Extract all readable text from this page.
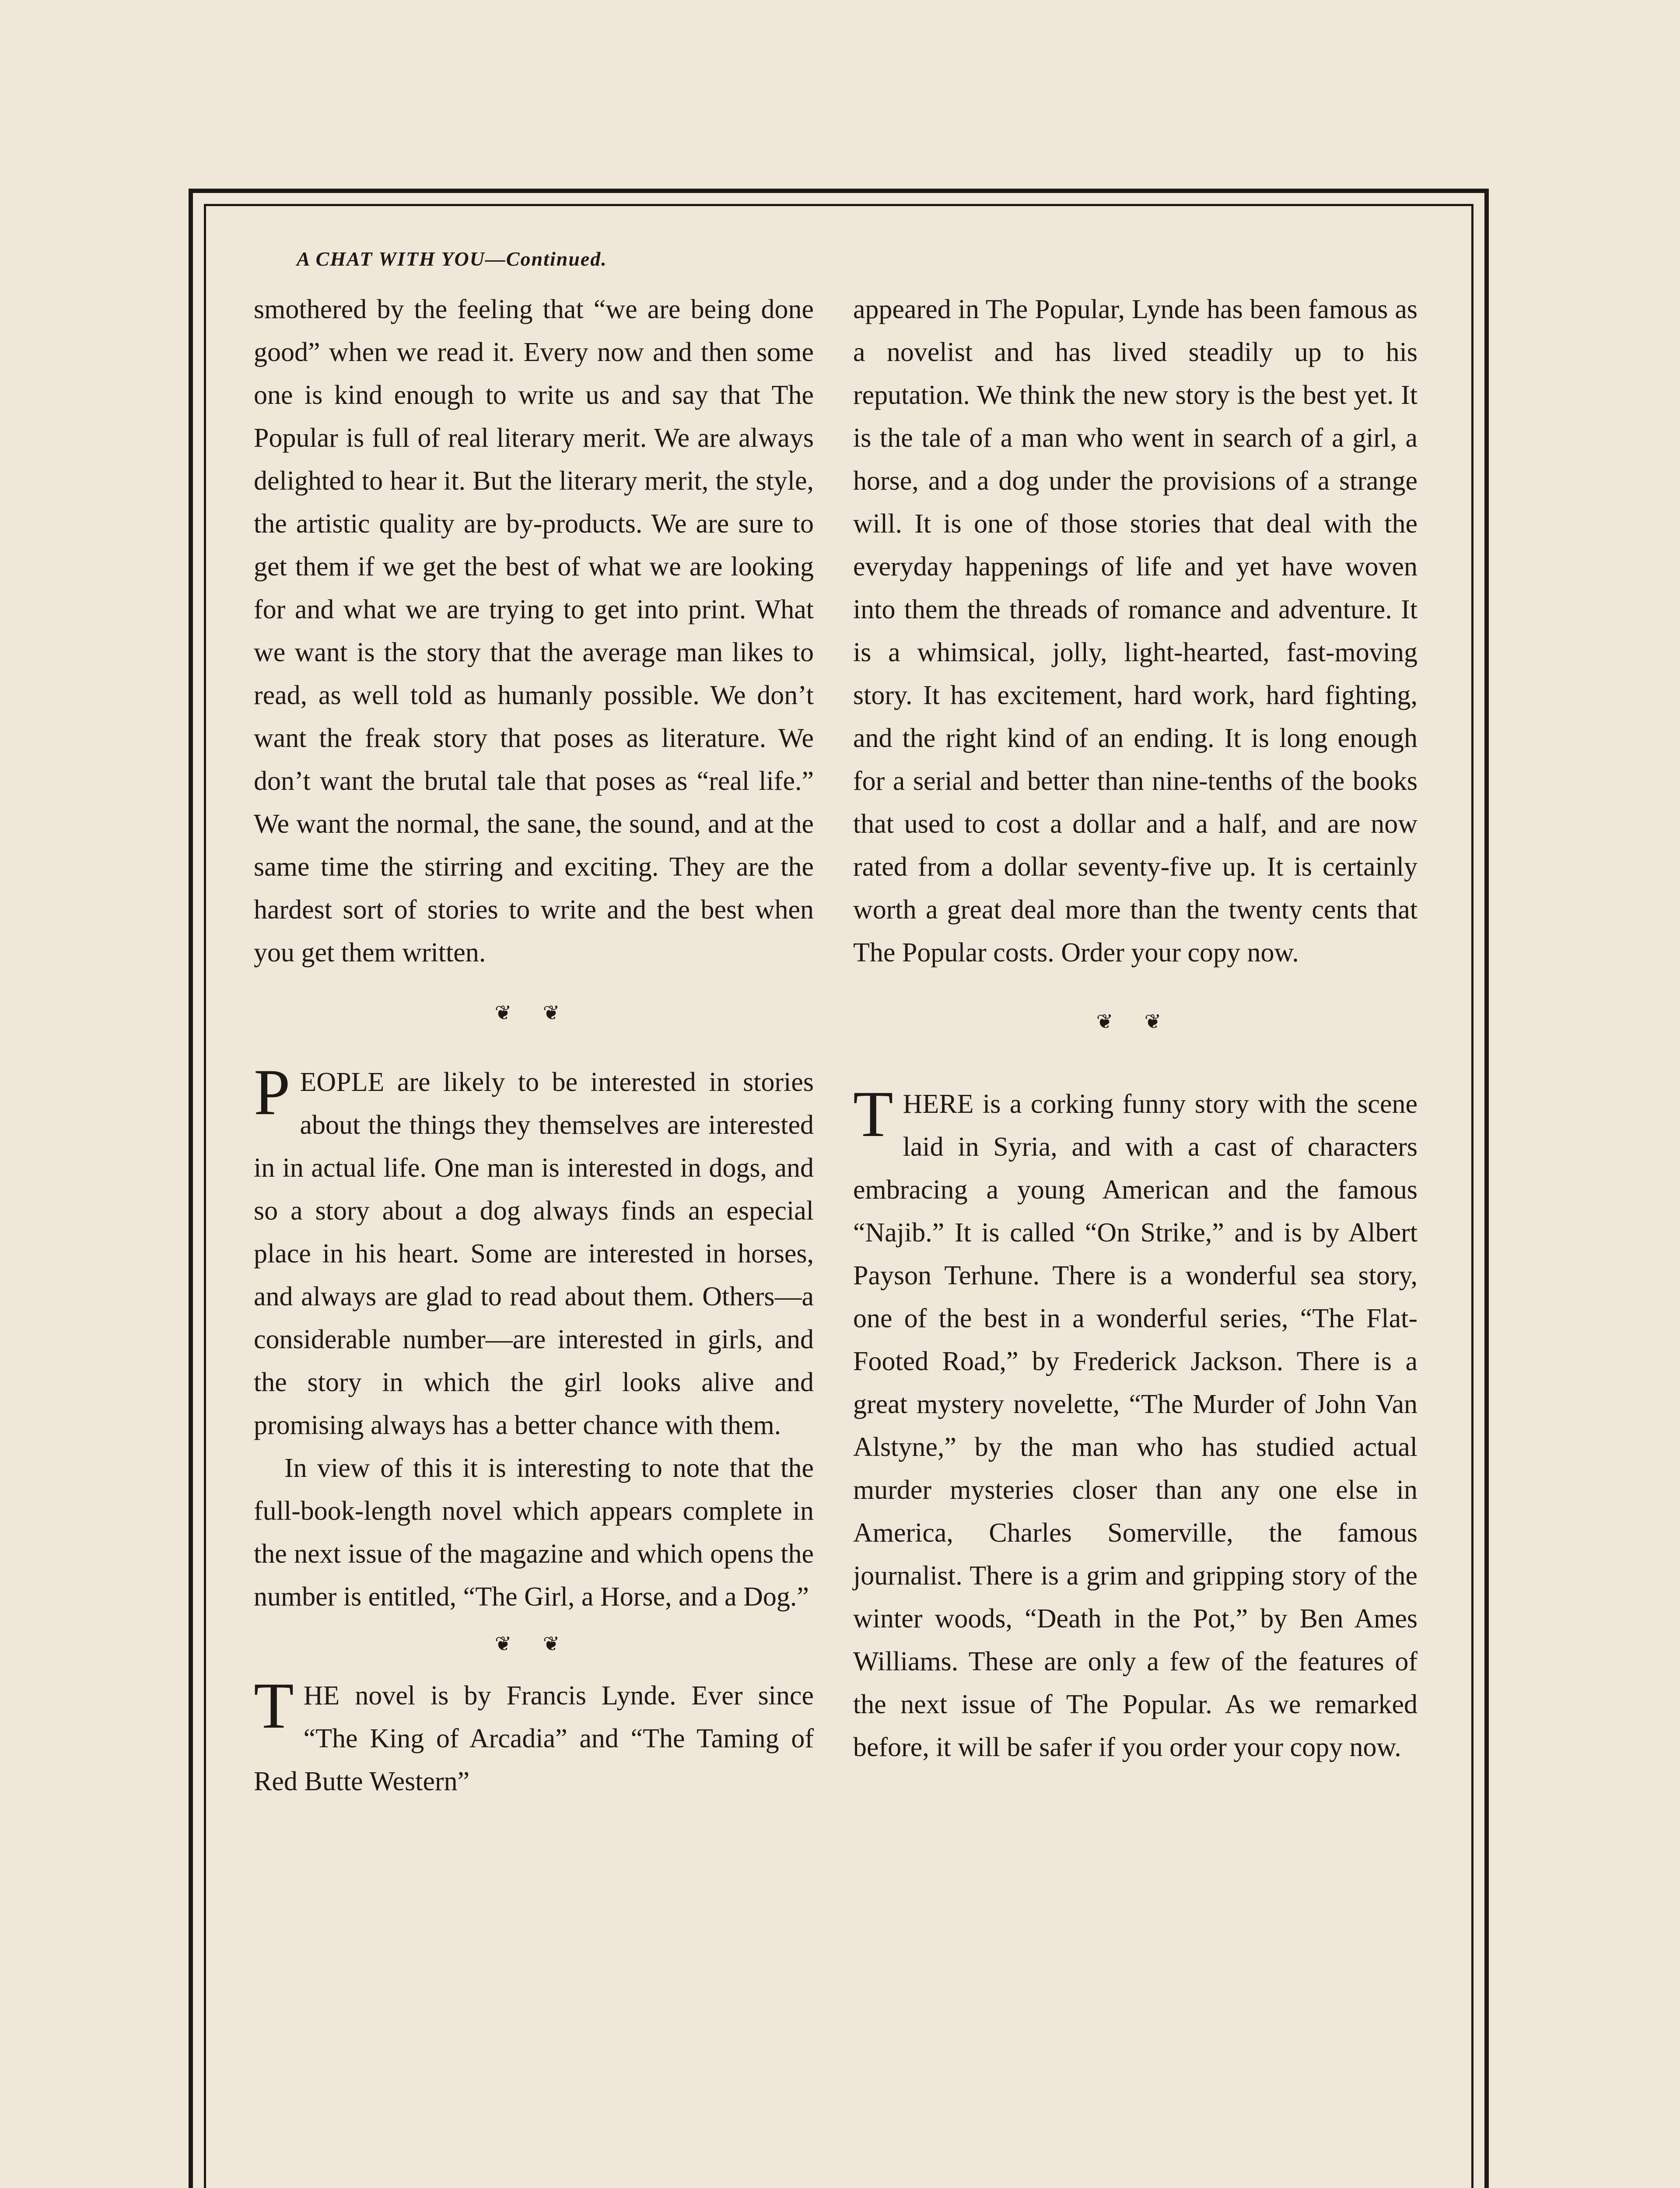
A CHAT WITH YOU—Continued.

smothered by the feeling that “we are being done good” when we read it. Every now and then some one is kind enough to write us and say that The Popular is full of real literary merit. We are always delighted to hear it. But the literary merit, the style, the artistic quality are by-products. We are sure to get them if we get the best of what we are looking for and what we are trying to get into print. What we want is the story that the average man likes to read, as well told as humanly possible. We don’t want the freak story that poses as literature. We don’t want the brutal tale that poses as “real life.” We want the normal, the sane, the sound, and at the same time the stirring and exciting. They are the hardest sort of stories to write and the best when you get them written.

❦ ❦

PEOPLE are likely to be interested in stories about the things they themselves are interested in in actual life. One man is interested in dogs, and so a story about a dog always finds an especial place in his heart. Some are interested in horses, and always are glad to read about them. Others—a considerable number—are interested in girls, and the story in which the girl looks alive and promising always has a better chance with them.

In view of this it is interesting to note that the full-book-length novel which appears complete in the next issue of the magazine and which opens the number is entitled, “The Girl, a Horse, and a Dog.”

❦ ❦

THE novel is by Francis Lynde. Ever since “The King of Arcadia” and “The Taming of Red Butte Western”

appeared in The Popular, Lynde has been famous as a novelist and has lived steadily up to his reputation. We think the new story is the best yet. It is the tale of a man who went in search of a girl, a horse, and a dog under the provisions of a strange will. It is one of those stories that deal with the everyday happenings of life and yet have woven into them the threads of romance and adventure. It is a whimsical, jolly, light-hearted, fast-moving story. It has excitement, hard work, hard fighting, and the right kind of an ending. It is long enough for a serial and better than nine-tenths of the books that used to cost a dollar and a half, and are now rated from a dollar seventy-five up. It is certainly worth a great deal more than the twenty cents that The Popular costs. Order your copy now.

❦ ❦

THERE is a corking funny story with the scene laid in Syria, and with a cast of characters embracing a young American and the famous “Najib.” It is called “On Strike,” and is by Albert Payson Terhune. There is a wonderful sea story, one of the best in a wonderful series, “The Flat-Footed Road,” by Frederick Jackson. There is a great mystery novelette, “The Murder of John Van Alstyne,” by the man who has studied actual murder mysteries closer than any one else in America, Charles Somerville, the famous journalist. There is a grim and gripping story of the winter woods, “Death in the Pot,” by Ben Ames Williams. These are only a few of the features of the next issue of The Popular. As we remarked before, it will be safer if you order your copy now.
